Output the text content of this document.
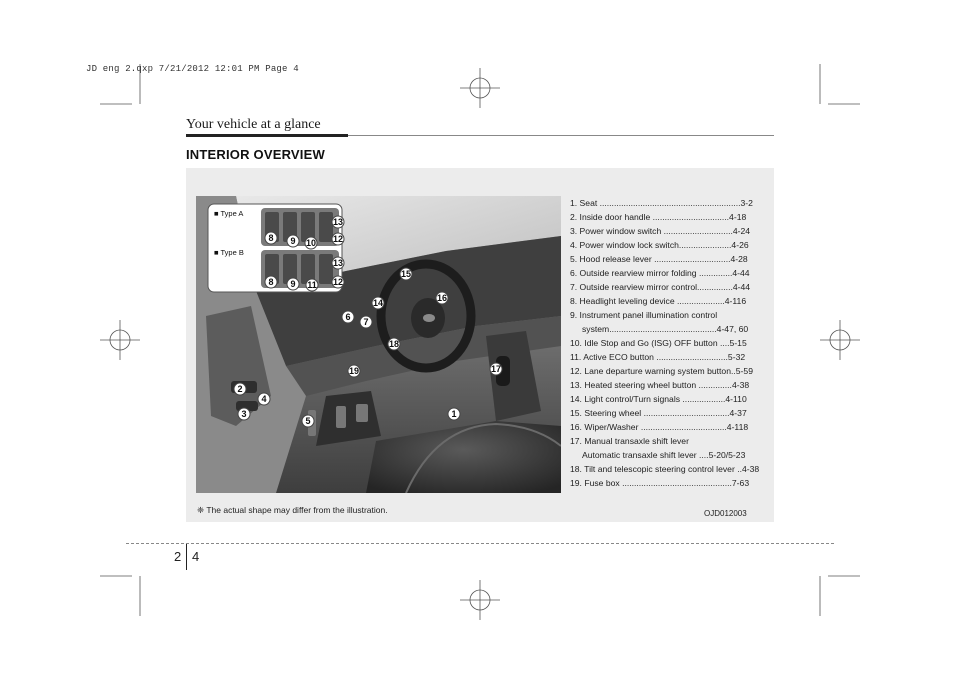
JD eng 2.qxp 7/21/2012 12:01 PM Page 4
Your vehicle at a glance
INTERIOR OVERVIEW
■ Type A
■ Type B
1
2
3
4
5
6 7
8 9 10
11
12
13
14
15
16
17
18
19
8 9	12
13
1. Seat ...........................................................3-2
2. Inside door handle ................................4-18
3. Power window switch .............................4-24
4. Power window lock switch......................4-26
5. Hood release lever ................................4-28
6. Outside rearview mirror folding ..............4-44
7. Outside rearview mirror control...............4-44
8. Headlight leveling device ....................4-116
9. Instrument panel illumination control
system.............................................4-47, 60
10. Idle Stop and Go (ISG) OFF button ....5-15
11. Active ECO button ..............................5-32
12. Lane departure warning system button..5-59
13. Heated steering wheel button ..............4-38
14. Light control/Turn signals ..................4-110
15. Steering wheel ....................................4-37
16. Wiper/Washer ....................................4-118
17. Manual transaxle shift lever
Automatic transaxle shift lever ....5-20/5-23
18. Tilt and telescopic steering control lever ..4-38
19. Fuse box ..............................................7-63
❈ The actual shape may differ from the illustration.	OJD012003
2 4
